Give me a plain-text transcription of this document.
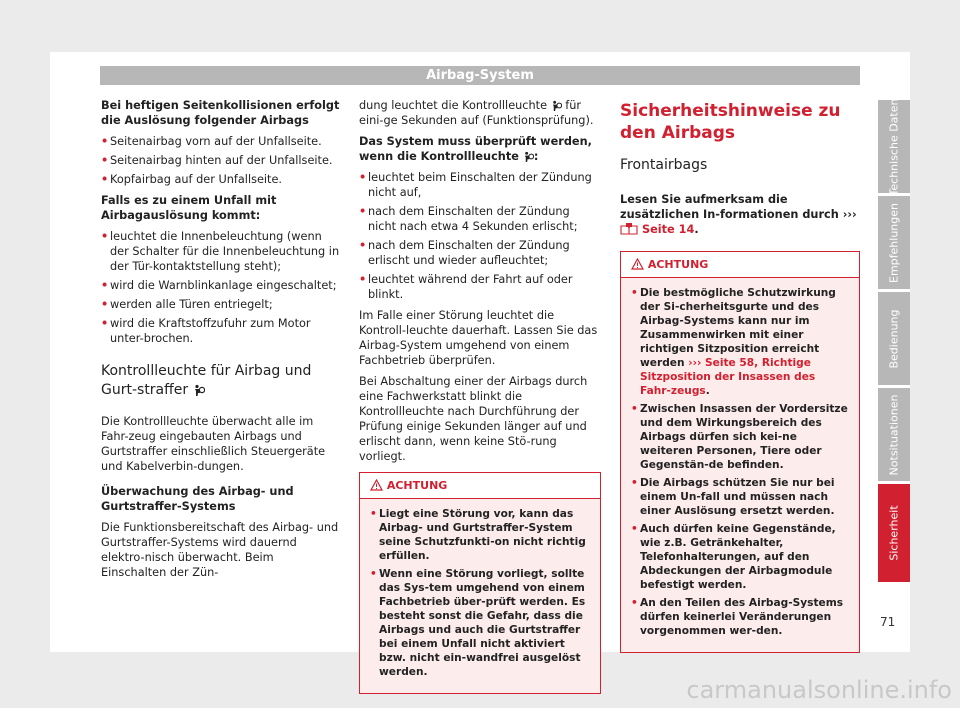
Airbag-System

Bei heftigen Seitenkollisionen erfolgt die Auslösung folgender Airbags

• Seitenairbag vorn auf der Unfallseite.
• Seitenairbag hinten auf der Unfallseite.
• Kopfairbag auf der Unfallseite.

Falls es zu einem Unfall mit Airbagauslösung kommt:

• leuchtet die Innenbeleuchtung (wenn der Schalter für die Innenbeleuchtung in der Tür-kontaktstellung steht);
• wird die Warnblinkanlage eingeschaltet;
• werden alle Türen entriegelt;
• wird die Kraftstoffzufuhr zum Motor unter-brochen.
Kontrollleuchte für Airbag und Gurt-straffer

Die Kontrollleuchte überwacht alle im Fahr-zeug eingebauten Airbags und Gurtstraffer einschließlich Steuergeräte und Kabelverbin-dungen.

Überwachung des Airbag- und Gurtstraffer-Systems

Die Funktionsbereitschaft des Airbag- und Gurtstraffer-Systems wird dauernd elektro-nisch überwacht. Beim Einschalten der Zün-

dung leuchtet die Kontrollleuchte für eini-ge Sekunden auf (Funktionsprüfung).

Das System muss überprüft werden, wenn die Kontrollleuchte :

• leuchtet beim Einschalten der Zündung nicht auf,
• nach dem Einschalten der Zündung nicht nach etwa 4 Sekunden erlischt;
• nach dem Einschalten der Zündung erlischt und wieder aufleuchtet;
• leuchtet während der Fahrt auf oder blinkt.

Im Falle einer Störung leuchtet die Kontroll-leuchte dauerhaft. Lassen Sie das Airbag-System umgehend von einem Fachbetrieb überprüfen.

Bei Abschaltung einer der Airbags durch eine Fachwerkstatt blinkt die Kontrollleuchte nach Durchführung der Prüfung einige Sekunden länger auf und erlischt dann, wenn keine Stö-rung vorliegt.

ACHTUNG
• Liegt eine Störung vor, kann das Airbag- und Gurtstraffer-System seine Schutzfunkti-on nicht richtig erfüllen.
• Wenn eine Störung vorliegt, sollte das Sys-tem umgehend von einem Fachbetrieb über-prüft werden. Es besteht sonst die Gefahr, dass die Airbags und auch die Gurtstraffer bei einem Unfall nicht aktiviert bzw. nicht ein-wandfrei ausgelöst werden.
Sicherheitshinweise zu den Airbags
Frontairbags

Lesen Sie aufmerksam die zusätzlichen In-formationen durch ›››  Seite 14.

ACHTUNG
• Die bestmögliche Schutzwirkung der Si-cherheitsgurte und des Airbag-Systems kann nur im Zusammenwirken mit einer richtigen Sitzposition erreicht werden ››› Seite 58, Richtige Sitzposition der Insassen des Fahr-zeugs.
• Zwischen Insassen der Vordersitze und dem Wirkungsbereich des Airbags dürfen sich kei-ne weiteren Personen, Tiere oder Gegenstän-de befinden.
• Die Airbags schützen Sie nur bei einem Un-fall und müssen nach einer Auslösung ersetzt werden.
• Auch dürfen keine Gegenstände, wie z.B. Getränkehalter, Telefonhalterungen, auf den Abdeckungen der Airbagmodule befestigt werden.
• An den Teilen des Airbag-Systems dürfen keinerlei Veränderungen vorgenommen wer-den.
Technische Daten
Empfehlungen
Bedienung
Notsituationen
Sicherheit
71
carmanualsonline.info
